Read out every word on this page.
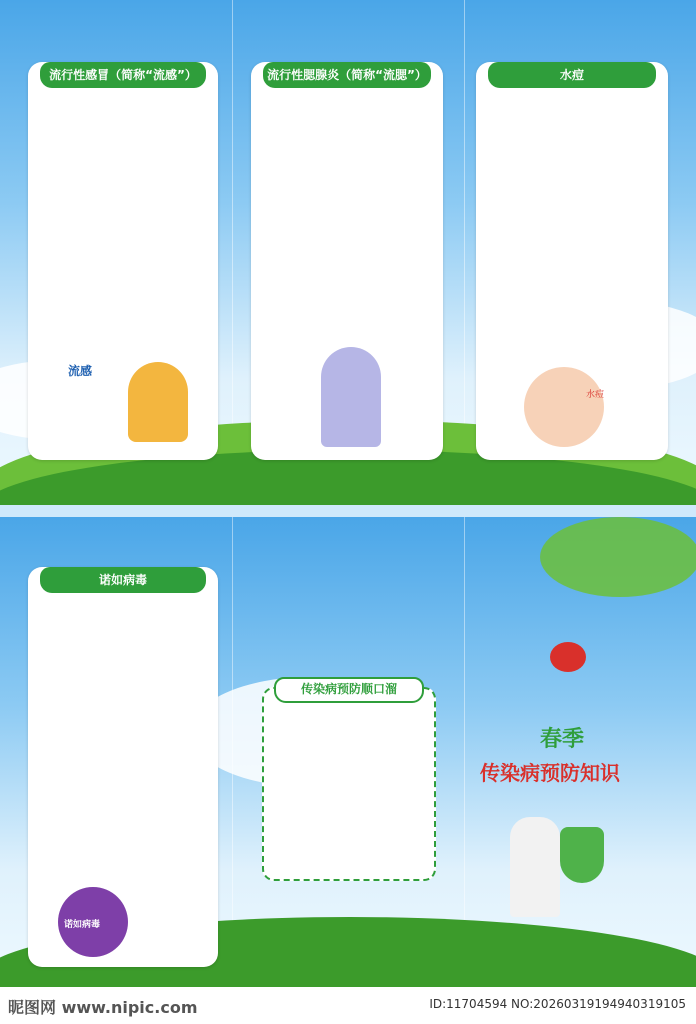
流行性感冒（简称“流感”）
流感
流行性腮腺炎（简称“流腮”）	水痘
水痘
诺如病毒
诺如病毒
传染病预防顺口溜
春季
传染病预防知识
昵图网 www.nipic.com	ID:11704594 NO:20260319194940319105
